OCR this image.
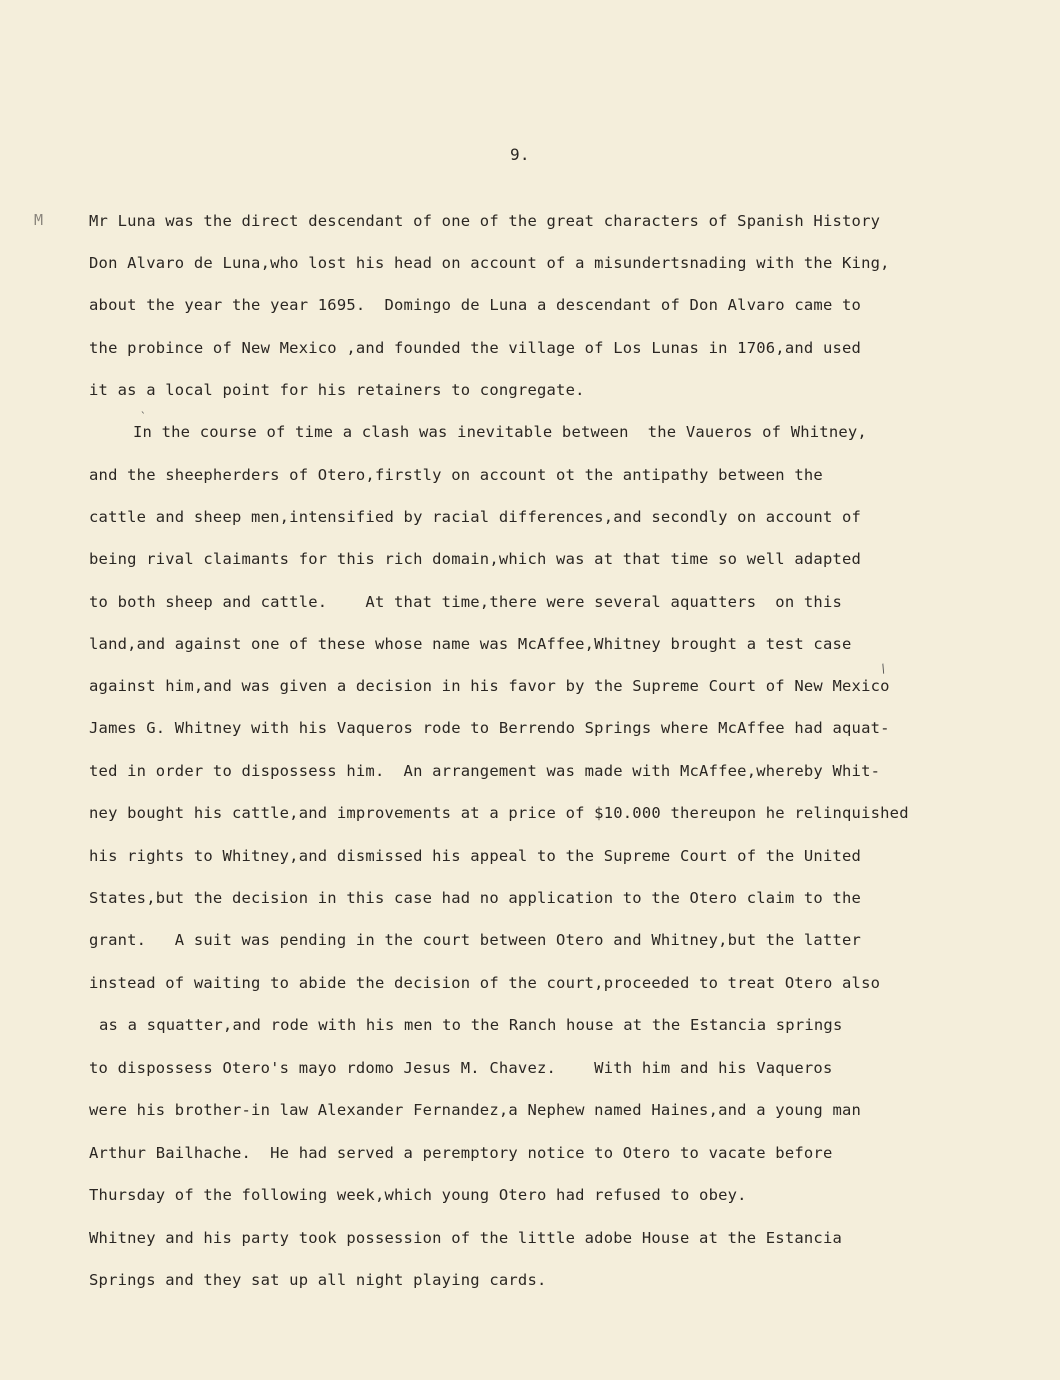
9.
M	Mr Luna was the direct descendant of one of the great characters of Spanish History
Don Alvaro de Luna,who lost his head on account of a misundertsnading with the King,
about the year the year 1695.  Domingo de Luna a descendant of Don Alvaro came to
the probince of New Mexico ,and founded the village of Los Lunas in 1706,and used
it as a local point for his retainers to congregate.
In the course of time a clash was inevitable between  the Vaueros of Whitney,
and the sheepherders of Otero,firstly on account ot the antipathy between the
cattle and sheep men,intensified by racial differences,and secondly on account of
being rival claimants for this rich domain,which was at that time so well adapted
to both sheep and cattle.    At that time,there were several aquatters  on this
land,and against one of these whose name was McAffee,Whitney brought a test case
against him,and was given a decision in his favor by the Supreme Court of New Mexico
James G. Whitney with his Vaqueros rode to Berrendo Springs where McAffee had aquat-
ted in order to dispossess him.  An arrangement was made with McAffee,whereby Whit-
ney bought his cattle,and improvements at a price of $10.000 thereupon he relinquished
his rights to Whitney,and dismissed his appeal to the Supreme Court of the United
States,but the decision in this case had no application to the Otero claim to the
grant.   A suit was pending in the court between Otero and Whitney,but the latter
instead of waiting to abide the decision of the court,proceeded to treat Otero also
as a squatter,and rode with his men to the Ranch house at the Estancia springs
to dispossess Otero's mayo rdomo Jesus M. Chavez.    With him and his Vaqueros
were his brother-in law Alexander Fernandez,a Nephew named Haines,and a young man
Arthur Bailhache.  He had served a peremptory notice to Otero to vacate before
Thursday of the following week,which young Otero had refused to obey.
Whitney and his party took possession of the little adobe House at the Estancia
Springs and they sat up all night playing cards.
`
/
